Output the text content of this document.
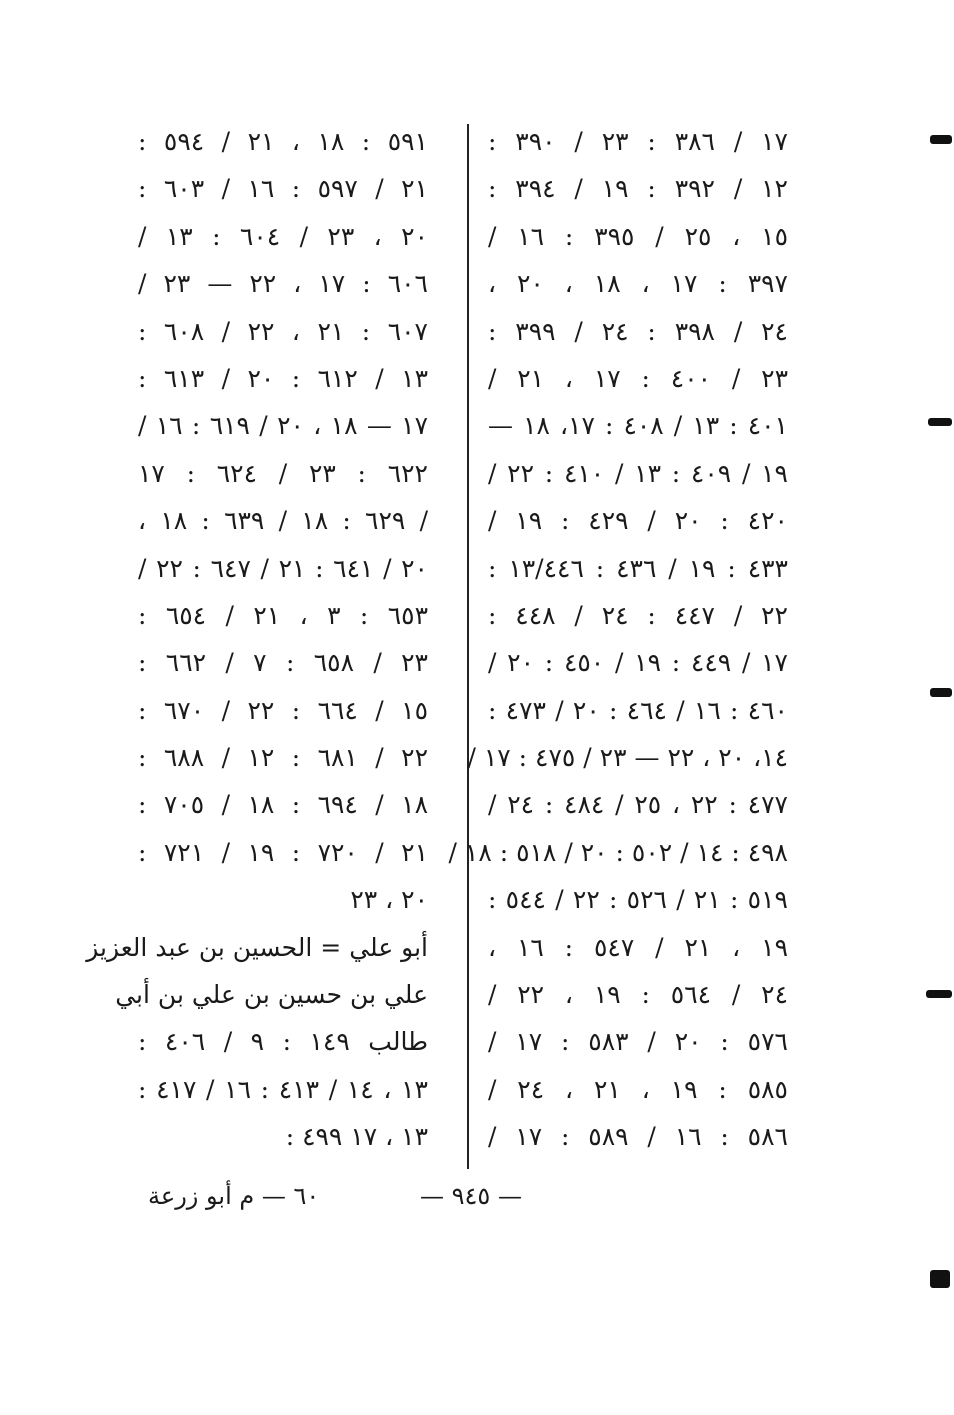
١٧ / ٣٨٦ : ٢٣ / ٣٩٠ :
١٢ / ٣٩٢ : ١٩ / ٣٩٤ :
١٥ ، ٢٥ / ٣٩٥ : ١٦ /
٣٩٧ : ١٧ ، ١٨ ، ٢٠ ،
٢٤ / ٣٩٨ : ٢٤ / ٣٩٩ :
٢٣ / ٤٠٠ : ١٧ ، ٢١ /
٤٠١ : ١٣ / ٤٠٨ : ١٧، ١٨ —
١٩ / ٤٠٩ : ١٣ / ٤١٠ : ٢٢ /
٤٢٠ : ٢٠ / ٤٢٩ : ١٩ /
٤٣٣ : ١٩ / ٤٣٦ : ١٣/٤٤٦ :
٢٢ / ٤٤٧ : ٢٤ / ٤٤٨ :
١٧ / ٤٤٩ : ١٩ / ٤٥٠ : ٢٠ /
٤٦٠ : ١٦ / ٤٦٤ : ٢٠ / ٤٧٣ :
١٤، ٢٠ ، ٢٢ — ٢٣ / ٤٧٥ : ١٧ /
٤٧٧ : ٢٢ ، ٢٥ / ٤٨٤ : ٢٤ /
٤٩٨ : ١٤ / ٥٠٢ : ٢٠ / ٥١٨ : ١٨ /
٥١٩ : ٢١ / ٥٢٦ : ٢٢ / ٥٤٤ :
١٩ ، ٢١ / ٥٤٧ : ١٦ ،
٢٤ / ٥٦٤ : ١٩ ، ٢٢ /
٥٧٦ : ٢٠ / ٥٨٣ : ١٧ /
٥٨٥ : ١٩ ، ٢١ ، ٢٤ /
٥٨٦ : ١٦ / ٥٨٩ : ١٧ /
٥٩١ : ١٨ ، ٢١ / ٥٩٤ :
٢١ / ٥٩٧ : ١٦ / ٦٠٣ :
٢٠ ، ٢٣ / ٦٠٤ : ١٣ /
٦٠٦ : ١٧ ، ٢٢ — ٢٣ /
٦٠٧ : ٢١ ، ٢٢ / ٦٠٨ :
١٣ / ٦١٢ : ٢٠ / ٦١٣ :
١٧ — ١٨ ، ٢٠ / ٦١٩ : ١٦ /
٦٢٢ : ٢٣ / ٦٢٤ : ١٧
/ ٦٢٩ : ١٨ / ٦٣٩ : ١٨ ،
٢٠ / ٦٤١ : ٢١ / ٦٤٧ : ٢٢ /
٦٥٣ : ٣ ، ٢١ / ٦٥٤ :
٢٣ / ٦٥٨ : ٧ / ٦٦٢ :
١٥ / ٦٦٤ : ٢٢ / ٦٧٠ :
٢٢ / ٦٨١ : ١٢ / ٦٨٨ :
١٨ / ٦٩٤ : ١٨ / ٧٠٥ :
٢١ / ٧٢٠ : ١٩ / ٧٢١ :
٢٠ ، ٢٣
أبو علي = الحسين بن عبد العزيز
علي بن حسين بن علي بن أبي
طالب ١٤٩ : ٩ / ٤٠٦ :
١٣ ، ١٤ / ٤١٣ : ١٦ / ٤١٧ :
١٣ ، ١٧ ٤٩٩ :
٦٠ — م أبو زرعة	— ٩٤٥ —
